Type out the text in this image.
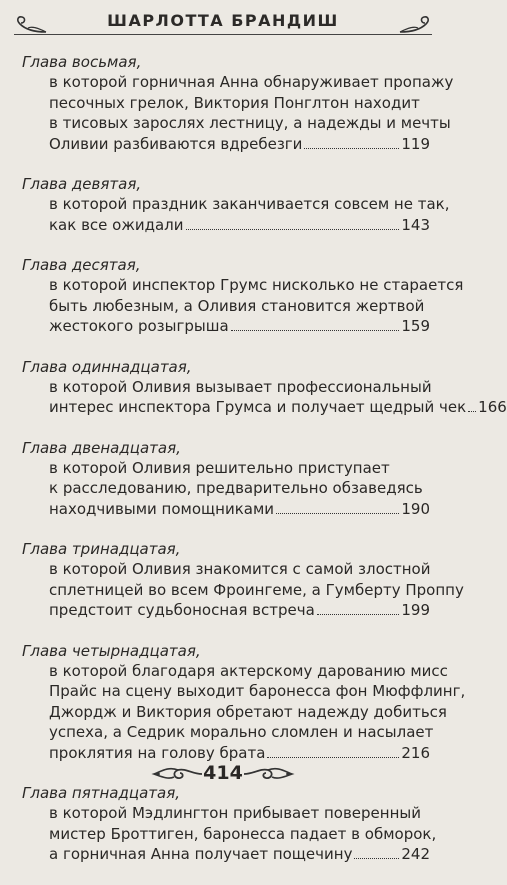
ШАРЛОТТА БРАНДИШ
Глава восьмая,
в которой горничная Анна обнаруживает пропажу
песочных грелок, Виктория Понглтон находит
в тисовых зарослях лестницу, а надежды и мечты
Оливии разбиваются вдребезги	119
Глава девятая,
в которой праздник заканчивается совсем не так,
как все ожидали	143
Глава десятая,
в которой инспектор Грумс нисколько не старается
быть любезным, а Оливия становится жертвой
жестокого розыгрыша	159
Глава одиннадцатая,
в которой Оливия вызывает профессиональный
интерес инспектора Грумса и получает щедрый чек 166
Глава двенадцатая,
в которой Оливия решительно приступает
к расследованию, предварительно обзаведясь
находчивыми помощниками	190
Глава тринадцатая,
в которой Оливия знакомится с самой злостной
сплетницей во всем Фроингеме, а Гумберту Проппу
предстоит судьбоносная встреча	199
Глава четырнадцатая,
в которой благодаря актерскому дарованию мисс
Прайс на сцену выходит баронесса фон Мюффлинг,
Джордж и Виктория обретают надежду добиться
успеха, а Седрик морально сломлен и насылает
проклятия на голову брата	216
Глава пятнадцатая,
в которой Мэдлингтон прибывает поверенный
мистер Броттиген, баронесса падает в обморок,
а горничная Анна получает пощечину	242
414
